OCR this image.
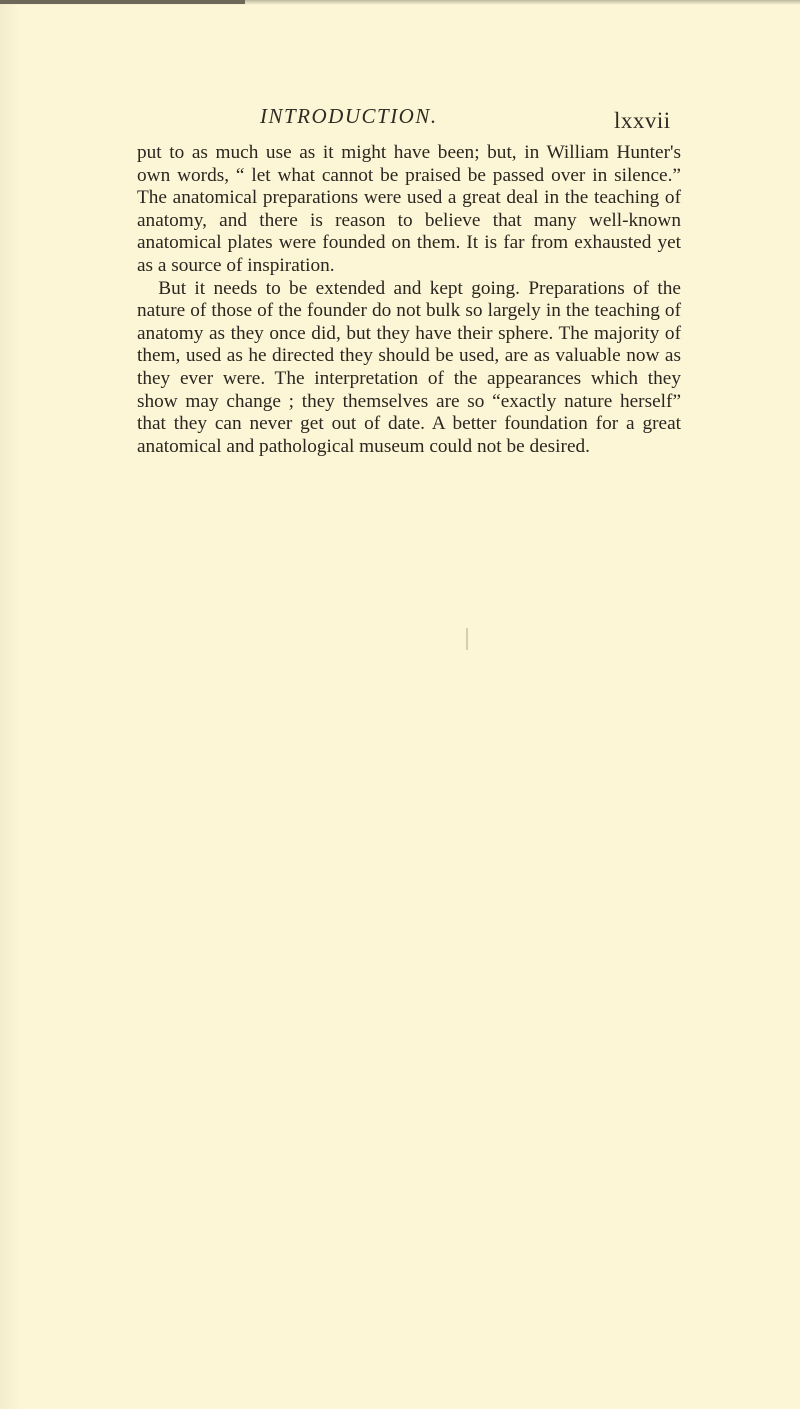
INTRODUCTION.	lxxvii

put to as much use as it might have been; but, in William Hunter's own words, “ let what cannot be praised be passed over in silence.” The anatomical preparations were used a great deal in the teaching of anatomy, and there is reason to believe that many well-known anatomical plates were founded on them. It is far from exhausted yet as a source of inspiration.

But it needs to be extended and kept going. Preparations of the nature of those of the founder do not bulk so largely in the teaching of anatomy as they once did, but they have their sphere. The majority of them, used as he directed they should be used, are as valuable now as they ever were. The interpretation of the appearances which they show may change ; they themselves are so “exactly nature herself” that they can never get out of date. A better foundation for a great anatomical and pathological museum could not be desired.
